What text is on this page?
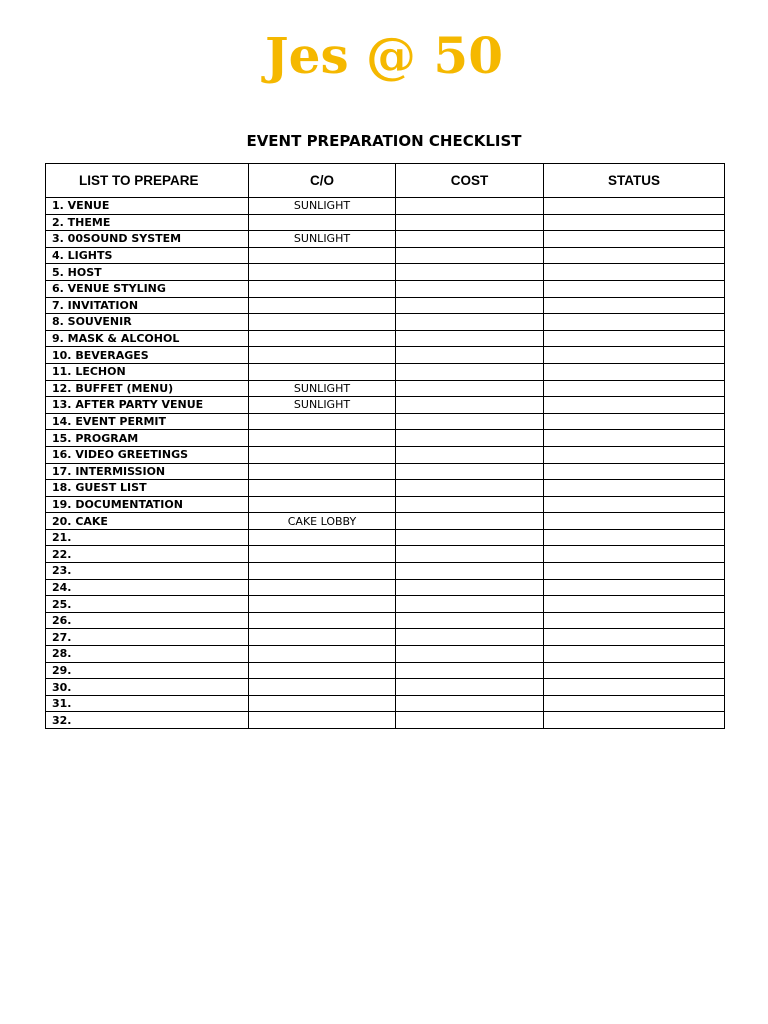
Jes @ 50
EVENT PREPARATION CHECKLIST
LIST TO PREPARE	C/O	COST	STATUS
1. VENUE	SUNLIGHT		
2. THEME			
3. 00SOUND SYSTEM	SUNLIGHT		
4. LIGHTS			
5. HOST			
6. VENUE STYLING			
7. INVITATION			
8. SOUVENIR			
9. MASK & ALCOHOL			
10. BEVERAGES			
11. LECHON			
12. BUFFET (MENU)	SUNLIGHT		
13. AFTER PARTY VENUE	SUNLIGHT		
14. EVENT PERMIT			
15. PROGRAM			
16. VIDEO GREETINGS			
17. INTERMISSION			
18. GUEST LIST			
19. DOCUMENTATION			
20. CAKE	CAKE LOBBY		
21.			
22.			
23.			
24.			
25.			
26.			
27.			
28.			
29.			
30.			
31.			
32.			
